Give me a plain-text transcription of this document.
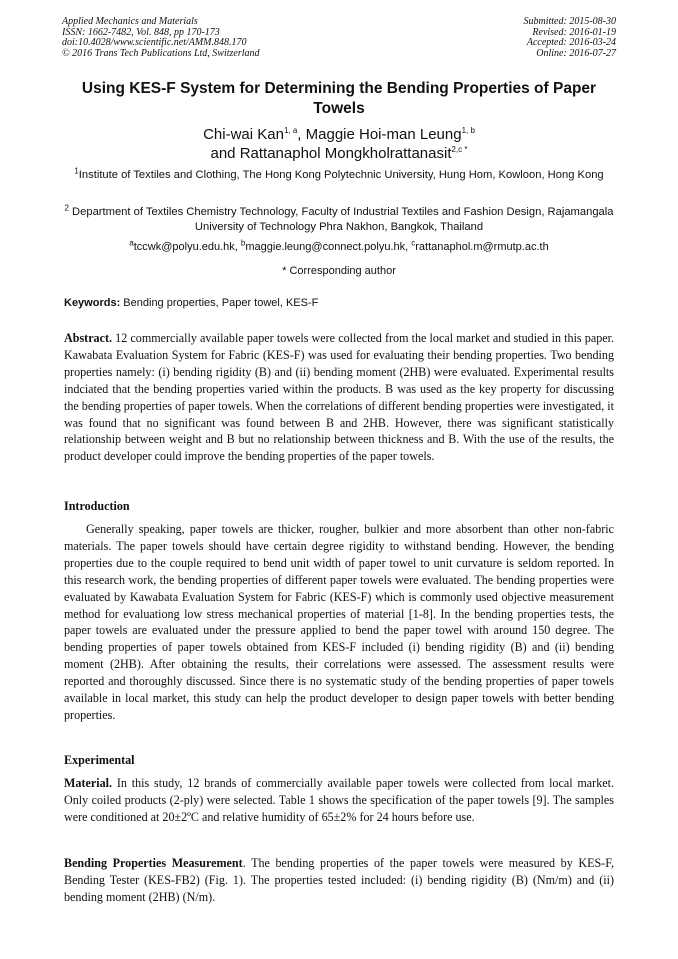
Applied Mechanics and Materials
ISSN: 1662-7482, Vol. 848, pp 170-173
doi:10.4028/www.scientific.net/AMM.848.170
© 2016 Trans Tech Publications Ltd, Switzerland
Submitted: 2015-08-30
Revised: 2016-01-19
Accepted: 2016-03-24
Online: 2016-07-27
Using KES-F System for Determining the Bending Properties of Paper Towels
Chi-wai Kan$^{1, a}$, Maggie Hoi-man Leung$^{1, b}$
and Rattanaphol Mongkholrattanasit$^{2,c *}$
$^1$Institute of Textiles and Clothing, The Hong Kong Polytechnic University, Hung Hom, Kowloon, Hong Kong
$^2$ Department of Textiles Chemistry Technology, Faculty of Industrial Textiles and Fashion Design, Rajamangala University of Technology Phra Nakhon, Bangkok, Thailand
$^a$tccwk@polyu.edu.hk, $^b$maggie.leung@connect.polyu.hk, $^c$rattanaphol.m@rmutp.ac.th
* Corresponding author
Keywords: Bending properties, Paper towel, KES-F
Abstract. 12 commercially available paper towels were collected from the local market and studied in this paper. Kawabata Evaluation System for Fabric (KES-F) was used for evaluating their bending properties. Two bending properties namely: (i) bending rigidity (B) and (ii) bending moment (2HB) were evaluated. Experimental results indciated that the bending properties varied within the products. B was used as the key property for discussing the bending properties of paper towels. When the correlations of different bending properties were investigated, it was found that no significant was found between B and 2HB. However, there was significant statistically relationship between weight and B but no relationship between thickness and B. With the use of the results, the product developer could improve the bending properties of the paper towels.
Introduction
Generally speaking, paper towels are thicker, rougher, bulkier and more absorbent than other non-fabric materials. The paper towels should have certain degree rigidity to withstand bending. However, the bending properties due to the couple required to bend unit width of paper towel to unit curvature is seldom reported. In this research work, the bending properties of different paper towels were evaluated. The bending properties were evaluated by Kawabata Evaluation System for Fabric (KES-F) which is commonly used objective measurement method for evaluationg low stress mechanical properties of material [1-8]. In the bending properties tests, the paper towels are evaluated under the pressure applied to bend the paper towel with around 150 degree. The bending properties of paper towels obtained from KES-F included (i) bending rigidity (B) and (ii) bending moment (2HB). After obtaining the results, their correlations were assessed. The assessment results were reported and thoroughly discussed. Since there is no systematic study of the bending properties of paper towels available in local market, this study can help the product developer to design paper towels with better bending properties.
Experimental
Material. In this study, 12 brands of commercially available paper towels were collected from local market. Only coiled products (2-ply) were selected. Table 1 shows the specification of the paper towels [9]. The samples were conditioned at 20±2ºC and relative humidity of 65±2% for 24 hours before use.
Bending Properties Measurement. The bending properties of the paper towels were measured by KES-F, Bending Tester (KES-FB2) (Fig. 1). The properties tested included: (i) bending rigidity (B) (Nm/m) and (ii) bending moment (2HB) (N/m).
